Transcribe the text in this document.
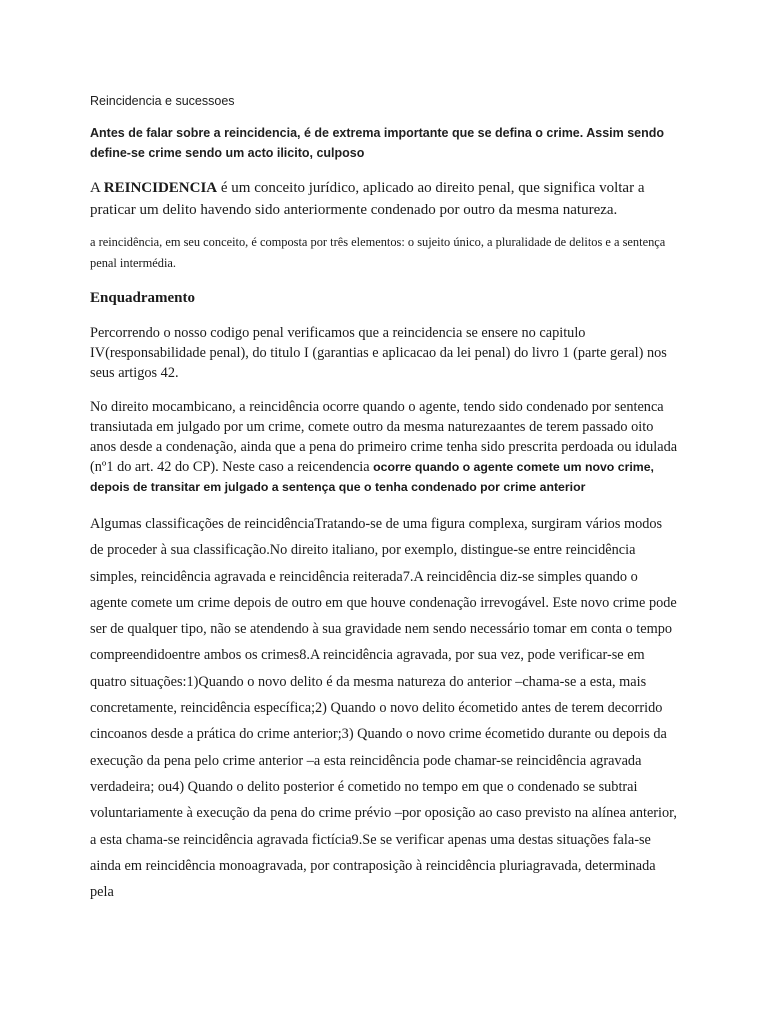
Reincidencia e sucessoes

Antes de falar sobre a reincidencia, é de extrema importante que se defina o crime. Assim sendo define-se crime sendo um acto ilicito, culposo

A REINCIDENCIA é um conceito jurídico, aplicado ao direito penal, que significa voltar a praticar um delito havendo sido anteriormente condenado por outro da mesma natureza.

a reincidência, em seu conceito, é composta por três elementos: o sujeito único, a pluralidade de delitos e a sentença penal intermédia.

Enquadramento

Percorrendo o nosso codigo penal verificamos que a reincidencia se ensere no capitulo IV(responsabilidade penal), do titulo I (garantias e aplicacao da lei penal) do livro 1 (parte geral) nos seus artigos 42.

No direito mocambicano, a reincidência ocorre quando o agente, tendo sido condenado por sentenca transiutada em julgado por um crime, comete outro da mesma naturezaantes de terem passado oito anos desde a condenação, ainda que a pena do primeiro crime tenha sido prescrita perdoada ou idulada (nº1 do art. 42 do CP). Neste caso a reicendencia ocorre quando o agente comete um novo crime, depois de transitar em julgado a sentença que o tenha condenado por crime anterior

Algumas classificações de reincidênciaTratando-se de uma figura complexa, surgiram vários modos de proceder à sua classificação.No direito italiano, por exemplo, distingue-se entre reincidência simples, reincidência agravada e reincidência reiterada7.A reincidência diz-se simples quando o agente comete um crime depois de outro em que houve condenação irrevogável. Este novo crime pode ser de qualquer tipo, não se atendendo à sua gravidade nem sendo necessário tomar em conta o tempo compreendidoentre ambos os crimes8.A reincidência agravada, por sua vez, pode verificar-se em quatro situações:1)Quando o novo delito é da mesma natureza do anterior –chama-se a esta, mais concretamente, reincidência específica;2) Quando o novo delito écometido antes de terem decorrido cincoanos desde a prática do crime anterior;3) Quando o novo crime écometido durante ou depois da execução da pena pelo crime anterior –a esta reincidência pode chamar-se reincidência agravada verdadeira; ou4) Quando o delito posterior é cometido no tempo em que o condenado se subtrai voluntariamente à execução da pena do crime prévio –por oposição ao caso previsto na alínea anterior, a esta chama-se reincidência agravada fictícia9.Se se verificar apenas uma destas situações fala-se ainda em reincidência monoagravada, por contraposição à reincidência pluriagravada, determinada pela
